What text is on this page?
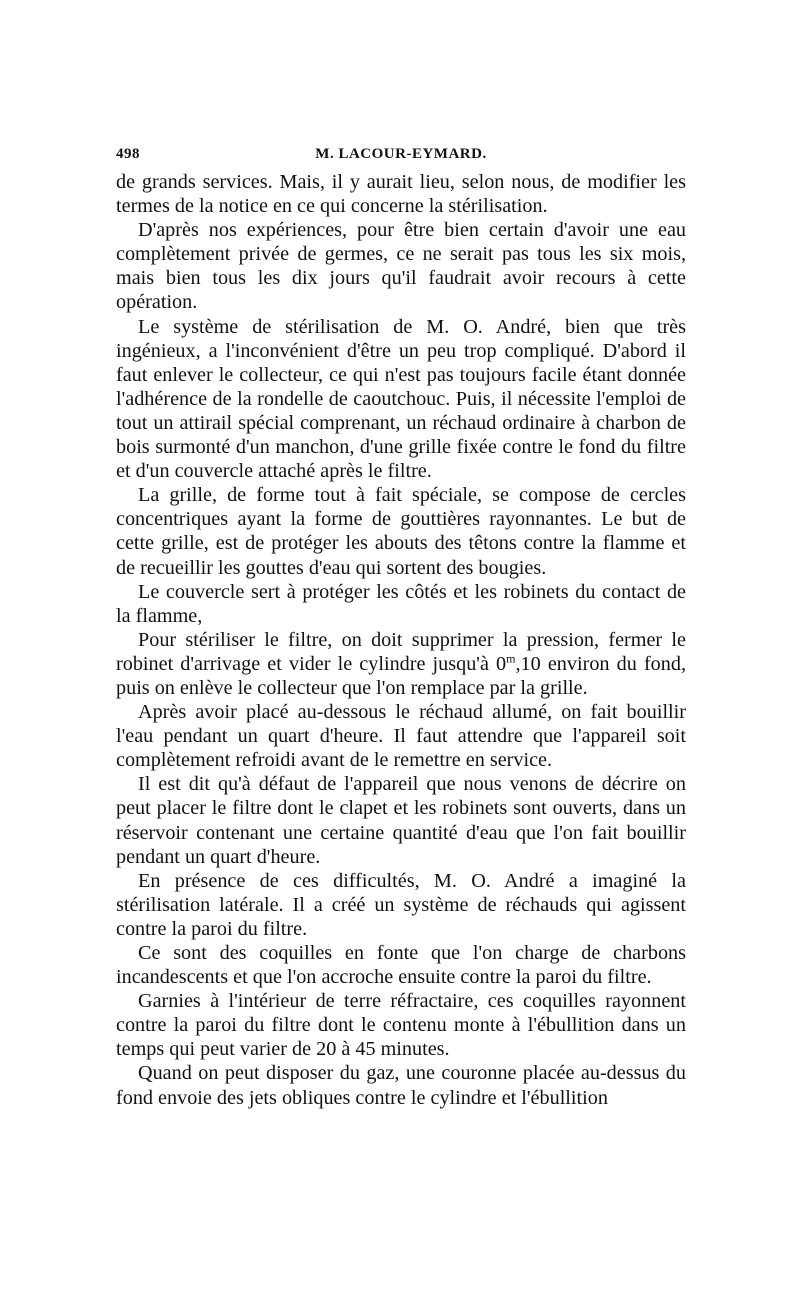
498	M. LACOUR-EYMARD.

de grands services. Mais, il y aurait lieu, selon nous, de modifier les termes de la notice en ce qui concerne la stérilisation.

D'après nos expériences, pour être bien certain d'avoir une eau complètement privée de germes, ce ne serait pas tous les six mois, mais bien tous les dix jours qu'il faudrait avoir recours à cette opération.

Le système de stérilisation de M. O. André, bien que très ingénieux, a l'inconvénient d'être un peu trop compliqué. D'abord il faut enlever le collecteur, ce qui n'est pas toujours facile étant donnée l'adhérence de la rondelle de caoutchouc. Puis, il nécessite l'emploi de tout un attirail spécial comprenant, un réchaud ordinaire à charbon de bois surmonté d'un manchon, d'une grille fixée contre le fond du filtre et d'un couvercle attaché après le filtre.

La grille, de forme tout à fait spéciale, se compose de cercles concentriques ayant la forme de gouttières rayonnantes. Le but de cette grille, est de protéger les abouts des têtons contre la flamme et de recueillir les gouttes d'eau qui sortent des bougies.

Le couvercle sert à protéger les côtés et les robinets du contact de la flamme,

Pour stériliser le filtre, on doit supprimer la pression, fermer le robinet d'arrivage et vider le cylindre jusqu'à 0$^m$,10 environ du fond, puis on enlève le collecteur que l'on remplace par la grille.

Après avoir placé au-dessous le réchaud allumé, on fait bouillir l'eau pendant un quart d'heure. Il faut attendre que l'appareil soit complètement refroidi avant de le remettre en service.

Il est dit qu'à défaut de l'appareil que nous venons de décrire on peut placer le filtre dont le clapet et les robinets sont ouverts, dans un réservoir contenant une certaine quantité d'eau que l'on fait bouillir pendant un quart d'heure.

En présence de ces difficultés, M. O. André a imaginé la stérilisation latérale. Il a créé un système de réchauds qui agissent contre la paroi du filtre.

Ce sont des coquilles en fonte que l'on charge de charbons incandescents et que l'on accroche ensuite contre la paroi du filtre.

Garnies à l'intérieur de terre réfractaire, ces coquilles rayonnent contre la paroi du filtre dont le contenu monte à l'ébullition dans un temps qui peut varier de 20 à 45 minutes.

Quand on peut disposer du gaz, une couronne placée au-dessus du fond envoie des jets obliques contre le cylindre et l'ébullition
